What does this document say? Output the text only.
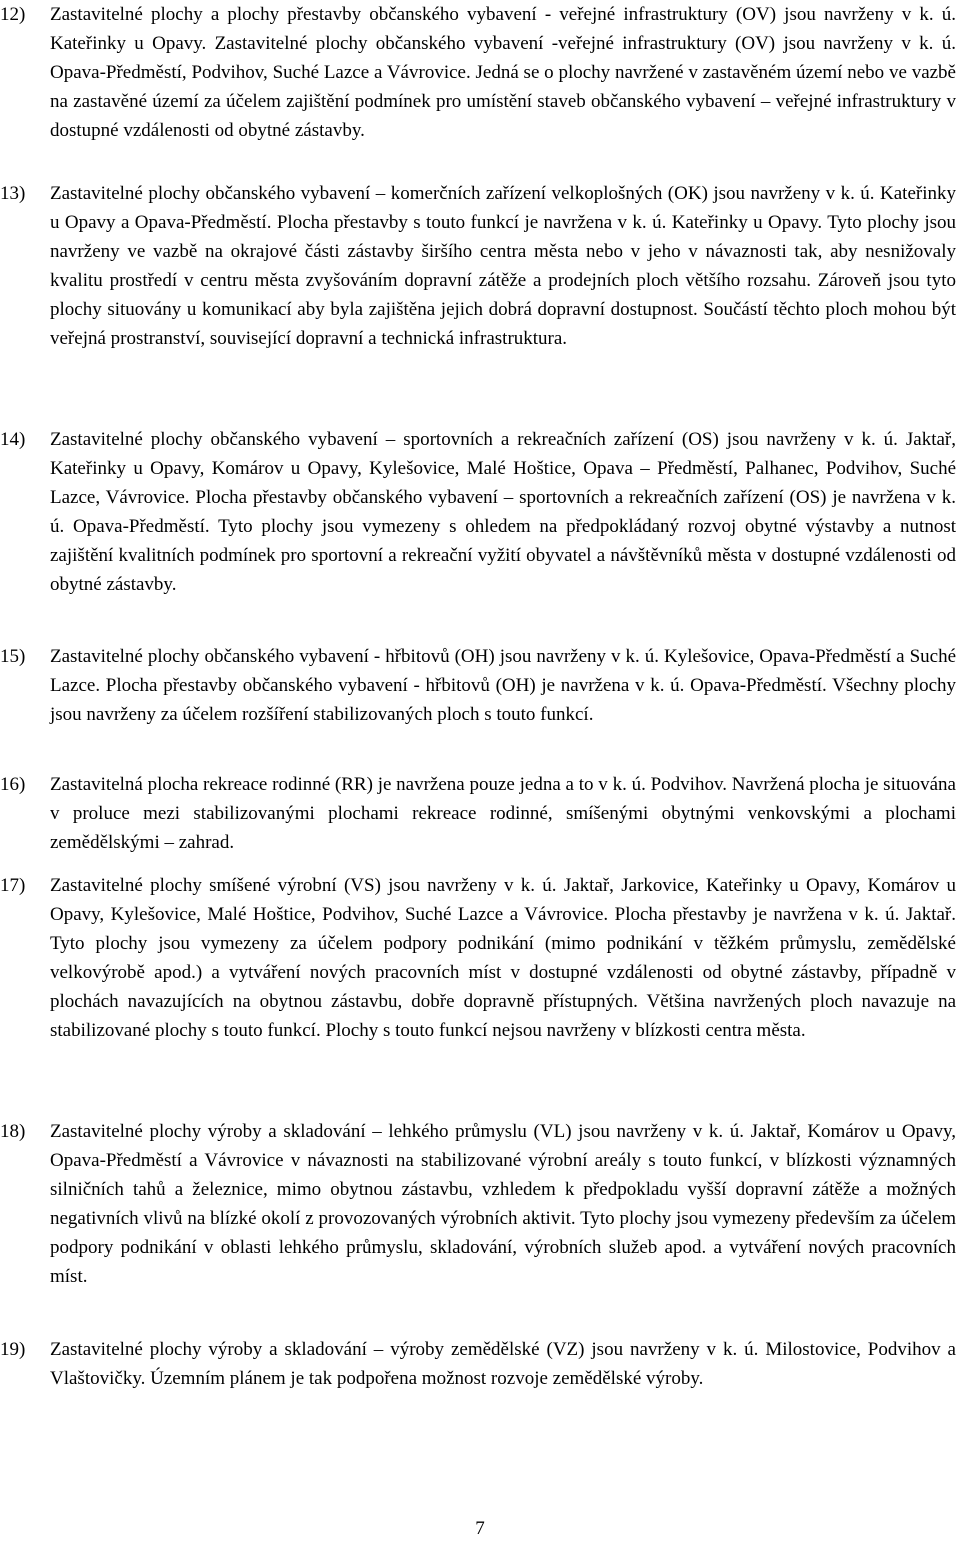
12)	Zastavitelné plochy a plochy přestavby občanského vybavení - veřejné infrastruktury (OV) jsou navrženy v k. ú. Kateřinky u Opavy. Zastavitelné plochy občanského vybavení -veřejné infrastruktury (OV) jsou navrženy v k. ú. Opava-Předměstí, Podvihov, Suché Lazce a Vávrovice. Jedná se o plochy navržené v zastavěném území nebo ve vazbě na zastavěné území za účelem zajištění podmínek pro umístění staveb občanského vybavení – veřejné infrastruktury v dostupné vzdálenosti od obytné zástavby.
13)	Zastavitelné plochy občanského vybavení – komerčních zařízení velkoplošných (OK) jsou navrženy v k. ú. Kateřinky u Opavy a Opava-Předměstí. Plocha přestavby s touto funkcí je navržena v k. ú. Kateřinky u Opavy. Tyto plochy jsou navrženy ve vazbě na okrajové části zástavby širšího centra města nebo v jeho v návaznosti tak, aby nesnižovaly kvalitu prostředí v centru města zvyšováním dopravní zátěže a prodejních ploch většího rozsahu. Zároveň jsou tyto plochy situovány u komunikací aby byla zajištěna jejich dobrá dopravní dostupnost. Součástí těchto ploch mohou být veřejná prostranství, související dopravní a technická infrastruktura.
14)	Zastavitelné plochy občanského vybavení – sportovních a rekreačních zařízení (OS) jsou navrženy v k. ú. Jaktař, Kateřinky u Opavy, Komárov u Opavy, Kylešovice, Malé Hoštice, Opava – Předměstí, Palhanec, Podvihov, Suché Lazce, Vávrovice. Plocha přestavby občanského vybavení – sportovních a rekreačních zařízení (OS) je navržena v k. ú. Opava-Předměstí. Tyto plochy jsou vymezeny s ohledem na předpokládaný rozvoj obytné výstavby a nutnost zajištění kvalitních podmínek pro sportovní a rekreační vyžití obyvatel a návštěvníků města v dostupné vzdálenosti od obytné zástavby.
15)	Zastavitelné plochy občanského vybavení - hřbitovů (OH) jsou navrženy v k. ú. Kylešovice, Opava-Předměstí a Suché Lazce. Plocha přestavby občanského vybavení - hřbitovů (OH) je navržena v k. ú. Opava-Předměstí. Všechny plochy jsou navrženy za účelem rozšíření stabilizovaných ploch s touto funkcí.
16)	Zastavitelná plocha rekreace rodinné (RR) je navržena pouze jedna a to v k. ú. Podvihov. Navržená plocha je situována v proluce mezi stabilizovanými plochami rekreace rodinné, smíšenými obytnými venkovskými a plochami zemědělskými – zahrad.
17)	Zastavitelné plochy smíšené výrobní (VS) jsou navrženy v k. ú. Jaktař, Jarkovice, Kateřinky u Opavy, Komárov u Opavy, Kylešovice, Malé Hoštice, Podvihov, Suché Lazce a Vávrovice. Plocha přestavby je navržena v k. ú. Jaktař. Tyto plochy jsou vymezeny za účelem podpory podnikání (mimo podnikání v těžkém průmyslu, zemědělské velkovýrobě apod.) a vytváření nových pracovních míst v dostupné vzdálenosti od obytné zástavby, případně v plochách navazujících na obytnou zástavbu, dobře dopravně přístupných. Většina navržených ploch navazuje na stabilizované plochy s touto funkcí. Plochy s touto funkcí nejsou navrženy v blízkosti centra města.
18)	Zastavitelné plochy výroby a skladování – lehkého průmyslu (VL) jsou navrženy v k. ú. Jaktař, Komárov u Opavy, Opava-Předměstí a Vávrovice v návaznosti na stabilizované výrobní areály s touto funkcí, v blízkosti významných silničních tahů a železnice, mimo obytnou zástavbu, vzhledem k předpokladu vyšší dopravní zátěže a možných negativních vlivů na blízké okolí z provozovaných výrobních aktivit. Tyto plochy jsou vymezeny především za účelem podpory podnikání v oblasti lehkého průmyslu, skladování, výrobních služeb apod. a vytváření nových pracovních míst.
19)	Zastavitelné plochy výroby a skladování – výroby zemědělské (VZ) jsou navrženy v k. ú. Milostovice, Podvihov a Vlaštovičky. Územním plánem je tak podpořena možnost rozvoje zemědělské výroby.
7
